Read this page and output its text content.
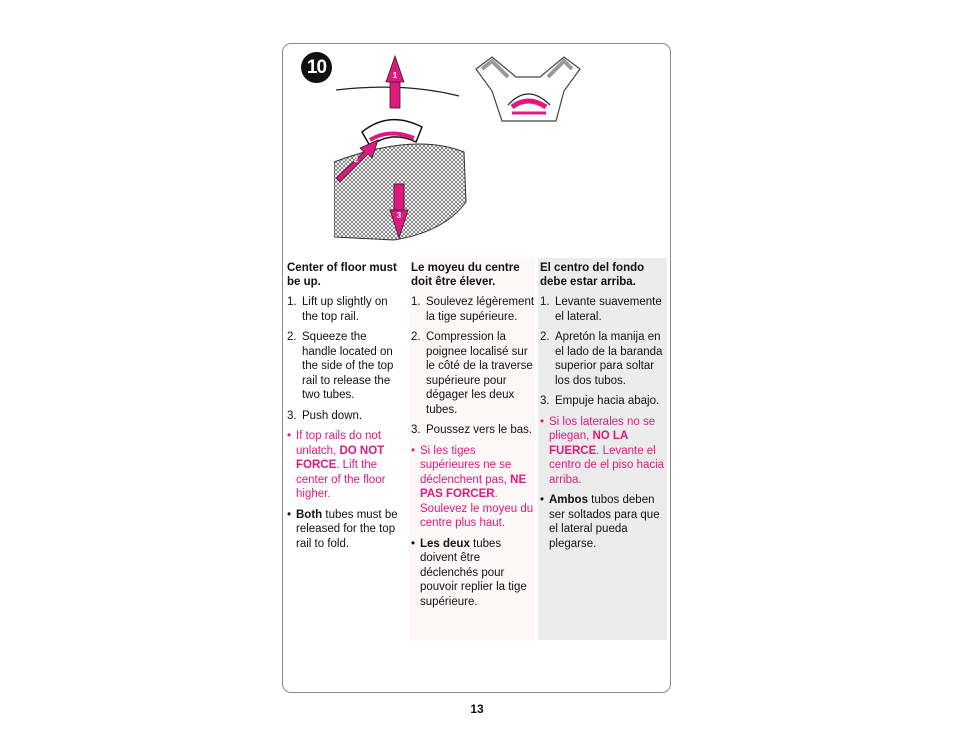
10	1
2
3
Center of floor must be up.
1. Lift up slightly on the top rail.
2. Squeeze the handle located on the side of the top rail to release the two tubes.
3. Push down.
• If top rails do not unlatch, DO NOT FORCE. Lift the center of the floor higher.
• Both tubes must be released for the top rail to fold.
Le moyeu du centre doit être élever.
1. Soulevez légèrement la tige supérieure.
2. Compression la poignee localisé sur le côté de la traverse supérieure pour dégager les deux tubes.
3. Poussez vers le bas.
• Si les tiges supérieures ne se déclenchent pas, NE PAS FORCER. Soulevez le moyeu du centre plus haut.
• Les deux tubes doivent être déclenchés pour pouvoir replier la tige supérieure.
El centro del fondo debe estar arriba.
1. Levante suavemente el lateral.
2. Apretón la manija en el lado de la baranda superior para soltar los dos tubos.
3. Empuje hacia abajo.
• Si los laterales no se pliegan, NO LA FUERCE. Levante el centro de el piso hacia arriba.
• Ambos tubos deben ser soltados para que el lateral pueda plegarse.
13
